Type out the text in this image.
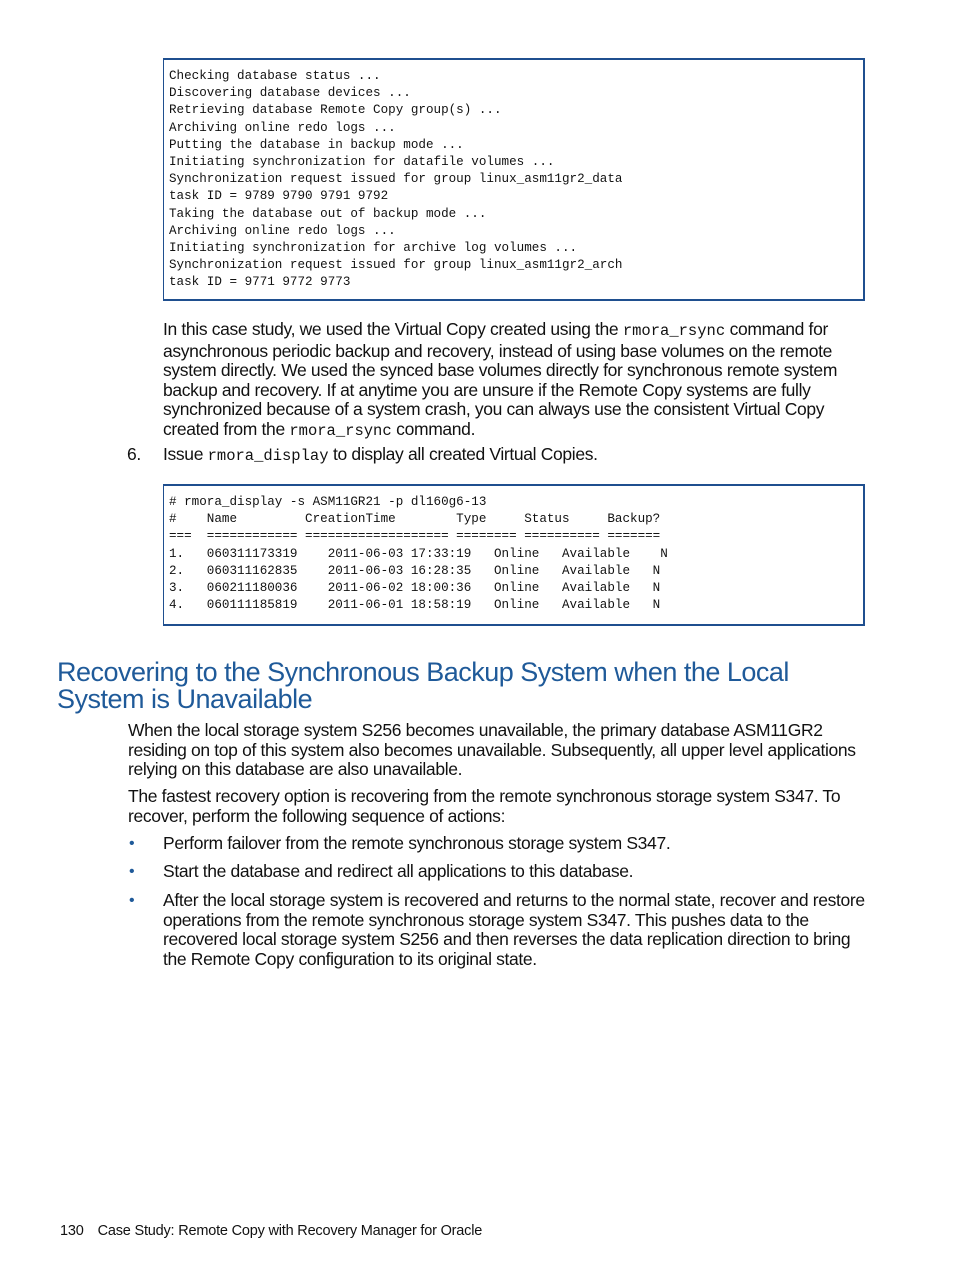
Checking database status ...
Discovering database devices ...
Retrieving database Remote Copy group(s) ...
Archiving online redo logs ...
Putting the database in backup mode ...
Initiating synchronization for datafile volumes ...
Synchronization request issued for group linux_asm11gr2_data
task ID = 9789 9790 9791 9792
Taking the database out of backup mode ...
Archiving online redo logs ...
Initiating synchronization for archive log volumes ...
Synchronization request issued for group linux_asm11gr2_arch
task ID = 9771 9772 9773

In this case study, we used the Virtual Copy created using the rmora_rsync command for asynchronous periodic backup and recovery, instead of using base volumes on the remote system directly. We used the synced base volumes directly for synchronous remote system backup and recovery. If at anytime you are unsure if the Remote Copy systems are fully synchronized because of a system crash, you can always use the consistent Virtual Copy created from the rmora_rsync command.

6. Issue rmora_display to display all created Virtual Copies.

# rmora_display -s ASM11GR21 -p dl160g6-13
#    Name         CreationTime        Type     Status     Backup?
===  ============ =================== ======== ========== =======
1.   060311173319    2011-06-03 17:33:19   Online   Available    N
2.   060311162835    2011-06-03 16:28:35   Online   Available   N
3.   060211180036    2011-06-02 18:00:36   Online   Available   N
4.   060111185819    2011-06-01 18:58:19   Online   Available   N
Recovering to the Synchronous Backup System when the Local System is Unavailable

When the local storage system S256 becomes unavailable, the primary database ASM11GR2 residing on top of this system also becomes unavailable. Subsequently, all upper level applications relying on this database are also unavailable.

The fastest recovery option is recovering from the remote synchronous storage system S347. To recover, perform the following sequence of actions:

• Perform failover from the remote synchronous storage system S347.

• Start the database and redirect all applications to this database.

• After the local storage system is recovered and returns to the normal state, recover and restore operations from the remote synchronous storage system S347. This pushes data to the recovered local storage system S256 and then reverses the data replication direction to bring the Remote Copy configuration to its original state.

130 Case Study: Remote Copy with Recovery Manager for Oracle
